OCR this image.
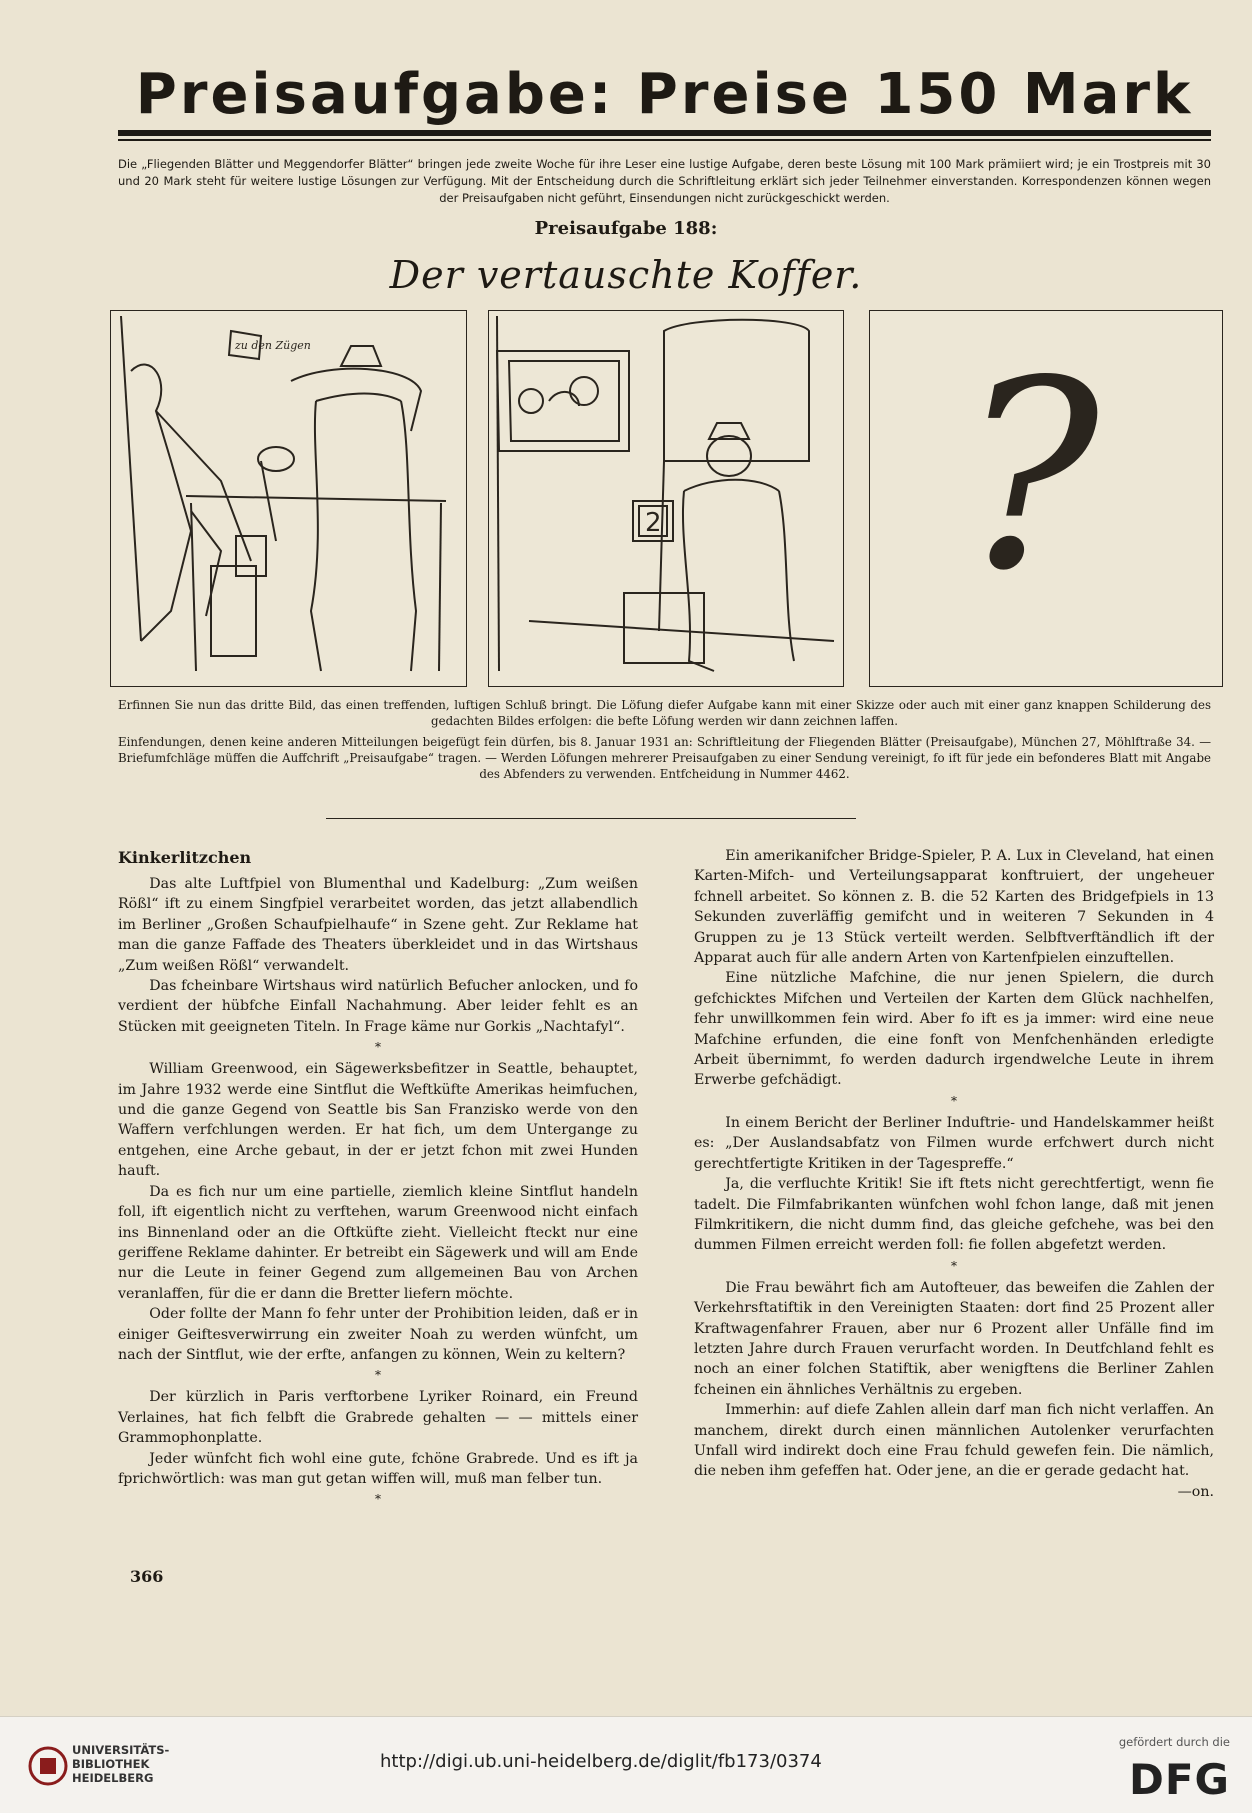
Preisaufgabe: Preise 150 Mark

Die „Fliegenden Blätter und Meggendorfer Blätter“ bringen jede zweite Woche für ihre Leser eine lustige Aufgabe, deren beste Lösung mit 100 Mark prämiiert wird; je ein Trostpreis mit 30 und 20 Mark steht für weitere lustige Lösungen zur Verfügung. Mit der Entscheidung durch die Schriftleitung erklärt sich jeder Teilnehmer einverstanden. Korrespondenzen können wegen der Preisaufgaben nicht geführt, Einsendungen nicht zurückgeschickt werden.

Preisaufgabe 188:

Der vertauschte Koffer.

zu den Zügen
2 ?

Erfinnen Sie nun das dritte Bild, das einen treffenden, luftigen Schluß bringt. Die Löfung diefer Aufgabe kann mit einer Skizze oder auch mit einer ganz knappen Schilderung des gedachten Bildes erfolgen: die befte Löfung werden wir dann zeichnen laffen.

Einfendungen, denen keine anderen Mitteilungen beigefügt fein dürfen, bis 8. Januar 1931 an: Schriftleitung der Fliegenden Blätter (Preisaufgabe), München 27, Möhlftraße 34. — Briefumfchläge müffen die Auffchrift „Preisaufgabe“ tragen. — Werden Löfungen mehrerer Preisaufgaben zu einer Sendung vereinigt, fo ift für jede ein befonderes Blatt mit Angabe des Abfenders zu verwenden. Entfcheidung in Nummer 4462.

Kinkerlitzchen

Das alte Luftfpiel von Blumenthal und Kadelburg: „Zum weißen Rößl“ ift zu einem Singfpiel verarbeitet worden, das jetzt allabendlich im Berliner „Großen Schaufpielhaufe“ in Szene geht. Zur Reklame hat man die ganze Faffade des Theaters überkleidet und in das Wirtshaus „Zum weißen Rößl“ verwandelt.

Das fcheinbare Wirtshaus wird natürlich Befucher anlocken, und fo verdient der hübfche Einfall Nachahmung. Aber leider fehlt es an Stücken mit geeigneten Titeln. In Frage käme nur Gorkis „Nachtafyl“.

*

William Greenwood, ein Sägewerksbefitzer in Seattle, behauptet, im Jahre 1932 werde eine Sintflut die Weftküfte Amerikas heimfuchen, und die ganze Gegend von Seattle bis San Franzisko werde von den Waffern verfchlungen werden. Er hat fich, um dem Untergange zu entgehen, eine Arche gebaut, in der er jetzt fchon mit zwei Hunden hauft.

Da es fich nur um eine partielle, ziemlich kleine Sintflut handeln foll, ift eigentlich nicht zu verftehen, warum Greenwood nicht einfach ins Binnenland oder an die Oftküfte zieht. Vielleicht fteckt nur eine geriffene Reklame dahinter. Er betreibt ein Sägewerk und will am Ende nur die Leute in feiner Gegend zum allgemeinen Bau von Archen veranlaffen, für die er dann die Bretter liefern möchte.

Oder follte der Mann fo fehr unter der Prohibition leiden, daß er in einiger Geiftesverwirrung ein zweiter Noah zu werden wünfcht, um nach der Sintflut, wie der erfte, anfangen zu können, Wein zu keltern?

*

Der kürzlich in Paris verftorbene Lyriker Roinard, ein Freund Verlaines, hat fich felbft die Grabrede gehalten — — mittels einer Grammophonplatte.

Jeder wünfcht fich wohl eine gute, fchöne Grabrede. Und es ift ja fprichwörtlich: was man gut getan wiffen will, muß man felber tun.

*

Ein amerikanifcher Bridge-Spieler, P. A. Lux in Cleveland, hat einen Karten-Mifch- und Verteilungsapparat konftruiert, der ungeheuer fchnell arbeitet. So können z. B. die 52 Karten des Bridgefpiels in 13 Sekunden zuverläffig gemifcht und in weiteren 7 Sekunden in 4 Gruppen zu je 13 Stück verteilt werden. Selbftverftändlich ift der Apparat auch für alle andern Arten von Kartenfpielen einzuftellen.

Eine nützliche Mafchine, die nur jenen Spielern, die durch gefchicktes Mifchen und Verteilen der Karten dem Glück nachhelfen, fehr unwillkommen fein wird. Aber fo ift es ja immer: wird eine neue Mafchine erfunden, die eine fonft von Menfchenhänden erledigte Arbeit übernimmt, fo werden dadurch irgendwelche Leute in ihrem Erwerbe gefchädigt.

*

In einem Bericht der Berliner Induftrie- und Handelskammer heißt es: „Der Auslandsabfatz von Filmen wurde erfchwert durch nicht gerechtfertigte Kritiken in der Tagespreffe.“

Ja, die verfluchte Kritik! Sie ift ftets nicht gerechtfertigt, wenn fie tadelt. Die Filmfabrikanten wünfchen wohl fchon lange, daß mit jenen Filmkritikern, die nicht dumm find, das gleiche gefchehe, was bei den dummen Filmen erreicht werden foll: fie follen abgefetzt werden.

*

Die Frau bewährt fich am Autofteuer, das beweifen die Zahlen der Verkehrsftatiftik in den Vereinigten Staaten: dort find 25 Prozent aller Kraftwagenfahrer Frauen, aber nur 6 Prozent aller Unfälle find im letzten Jahre durch Frauen verurfacht worden. In Deutfchland fehlt es noch an einer folchen Statiftik, aber wenigftens die Berliner Zahlen fcheinen ein ähnliches Verhältnis zu ergeben.

Immerhin: auf diefe Zahlen allein darf man fich nicht verlaffen. An manchem, direkt durch einen männlichen Autolenker verurfachten Unfall wird indirekt doch eine Frau fchuld gewefen fein. Die nämlich, die neben ihm gefeffen hat. Oder jene, an die er gerade gedacht hat.

—on.

366

UNIVERSITÄTS-
BIBLIOTHEK
HEIDELBERG
http://digi.ub.uni-heidelberg.de/diglit/fb173/0374
gefördert durch die
DFG
